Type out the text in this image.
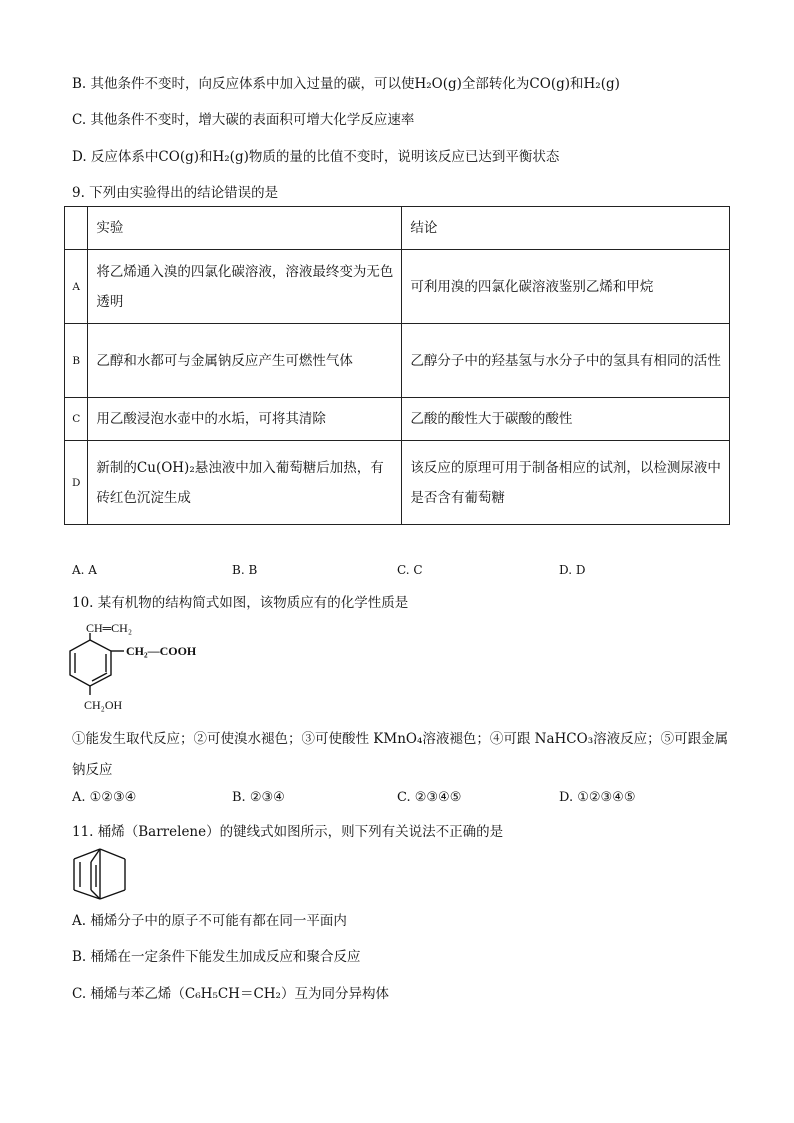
B. 其他条件不变时，向反应体系中加入过量的碳，可以使H₂O(g)全部转化为CO(g)和H₂(g)
C. 其他条件不变时，增大碳的表面积可增大化学反应速率
D. 反应体系中CO(g)和H₂(g)物质的量的比值不变时，说明该反应已达到平衡状态
9. 下列由实验得出的结论错误的是
	实验	结论
A	将乙烯通入溴的四氯化碳溶液，溶液最终变为无色透明	可利用溴的四氯化碳溶液鉴别乙烯和甲烷
B	乙醇和水都可与金属钠反应产生可燃性气体	乙醇分子中的羟基氢与水分子中的氢具有相同的活性
C	用乙酸浸泡水壶中的水垢，可将其清除	乙酸的酸性大于碳酸的酸性
D	新制的Cu(OH)₂悬浊液中加入葡萄糖后加热，有砖红色沉淀生成	该反应的原理可用于制备相应的试剂，以检测尿液中是否含有葡萄糖
A. A	B. B	C. C	D. D
10. 某有机物的结构简式如图，该物质应有的化学性质是
CH═CH₂
CH₂—COOH
CH₂OH
①能发生取代反应；②可使溴水褪色；③可使酸性 KMnO₄溶液褪色；④可跟 NaHCO₃溶液反应；⑤可跟金属
钠反应
A. ①②③④	B. ②③④	C. ②③④⑤	D. ①②③④⑤
11. 桶烯（Barrelene）的键线式如图所示，则下列有关说法不正确的是
A. 桶烯分子中的原子不可能有都在同一平面内
B. 桶烯在一定条件下能发生加成反应和聚合反应
C. 桶烯与苯乙烯（C₆H₅CH＝CH₂）互为同分异构体
